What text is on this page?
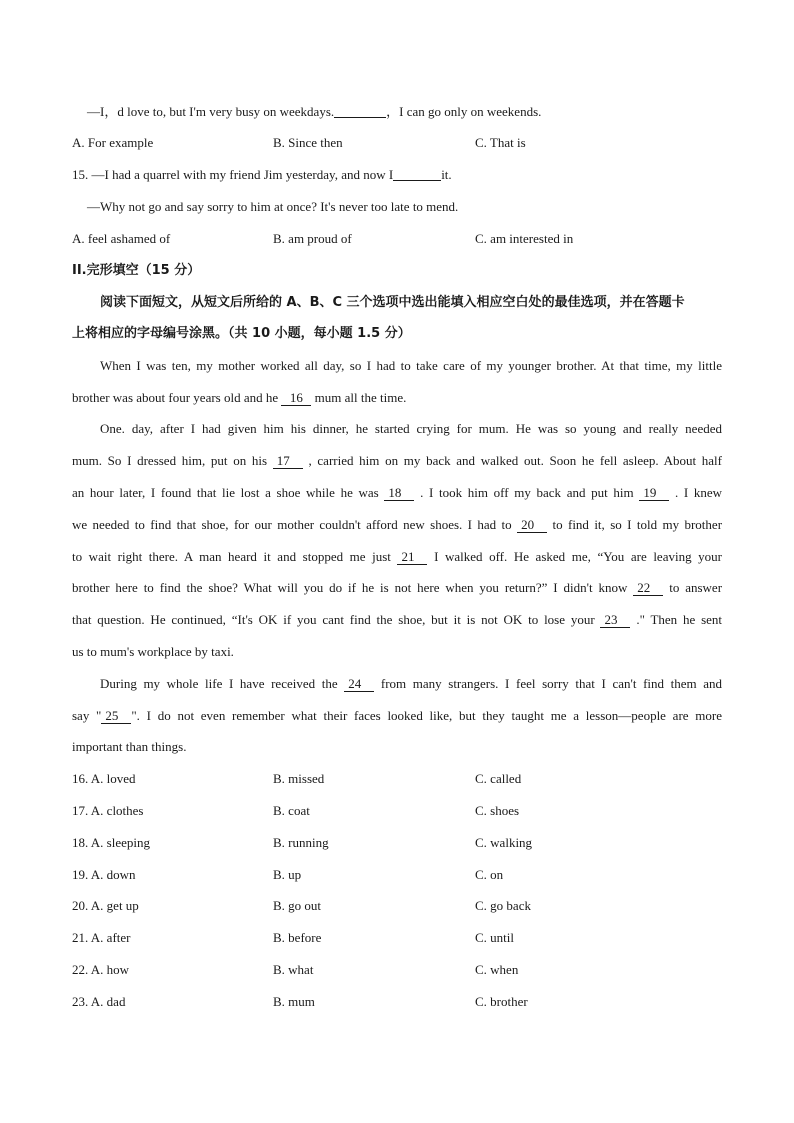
—I，d love to, but I'm very busy on weekdays.	，I can go only on weekends.
A. For example	B. Since then	C. That is
15. —I had a quarrel with my friend Jim yesterday, and now I	it.
—Why not go and say sorry to him at once? It's never too late to mend.
A. feel ashamed of	B. am proud of	C. am interested in
II.完形填空（15 分）
阅读下面短文，从短文后所给的 A、B、C 三个选项中选出能填入相应空白处的最佳选项，并在答题卡
上将相应的字母编号涂黑。（共 10 小题，每小题 1.5 分）
When I was ten, my mother worked all day, so I had to take care of my younger brother. At that time, my little
brother was about four years old and he 16 mum all the time.
One. day, after I had given him his dinner, he started crying for mum. He was so young and really needed
mum. So I dressed him, put on his 17 , carried him on my back and walked out. Soon he fell asleep. About half
an hour later, I found that lie lost a shoe while he was 18 . I took him off my back and put him 19 . I knew
we needed to find that shoe, for our mother couldn't afford new shoes. I had to 20 to find it, so I told my brother
to wait right there. A man heard it and stopped me just 21 I walked off. He asked me, “You are leaving your
brother here to find the shoe? What will you do if he is not here when you return?” I didn't know 22 to answer
that question. He continued, “It's OK if you cant find the shoe, but it is not OK to lose your 23 ." Then he sent
us to mum's workplace by taxi.
During my whole life I have received the 24 from many strangers. I feel sorry that I can't find them and
say " 25 ". I do not even remember what their faces looked like, but they taught me a lesson—people are more
important than things.
16. A. loved	B. missed	C. called
17. A. clothes	B. coat	C. shoes
18. A. sleeping	B. running	C. walking
19. A. down	B. up	C. on
20. A. get up	B. go out	C. go back
21. A. after	B. before	C. until
22. A. how	B. what	C. when
23. A. dad	B. mum	C. brother
